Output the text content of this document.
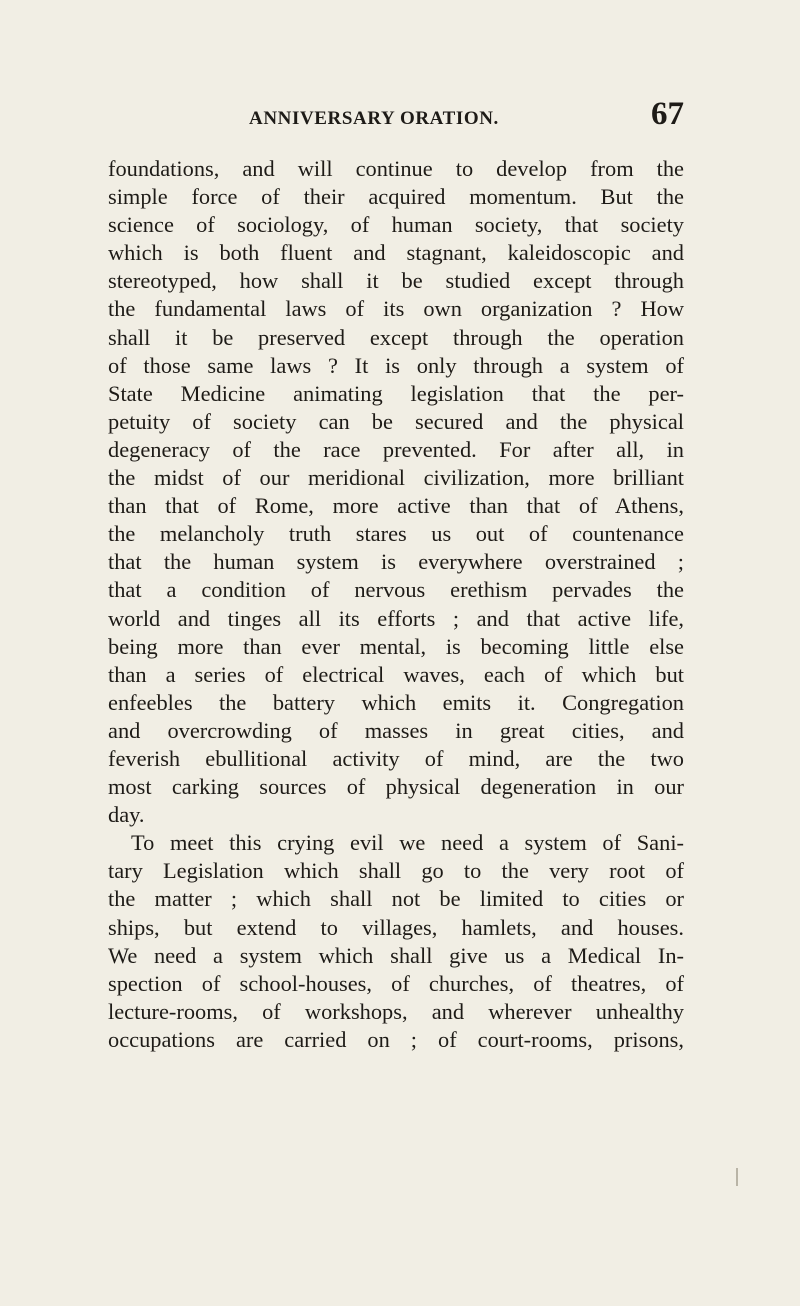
ANNIVERSARY ORATION.	67
foundations, and will continue to develop from the
simple force of their acquired momentum. But the
science of sociology, of human society, that society
which is both fluent and stagnant, kaleidoscopic and
stereotyped, how shall it be studied except through
the fundamental laws of its own organization ? How
shall it be preserved except through the operation
of those same laws ? It is only through a system of
State Medicine animating legislation that the per-
petuity of society can be secured and the physical
degeneracy of the race prevented. For after all, in
the midst of our meridional civilization, more brilliant
than that of Rome, more active than that of Athens,
the melancholy truth stares us out of countenance
that the human system is everywhere overstrained ;
that a condition of nervous erethism pervades the
world and tinges all its efforts ; and that active life,
being more than ever mental, is becoming little else
than a series of electrical waves, each of which but
enfeebles the battery which emits it. Congregation
and overcrowding of masses in great cities, and
feverish ebullitional activity of mind, are the two
most carking sources of physical degeneration in our
day.
To meet this crying evil we need a system of Sani-
tary Legislation which shall go to the very root of
the matter ; which shall not be limited to cities or
ships, but extend to villages, hamlets, and houses.
We need a system which shall give us a Medical In-
spection of school-houses, of churches, of theatres, of
lecture-rooms, of workshops, and wherever unhealthy
occupations are carried on ; of court-rooms, prisons,
